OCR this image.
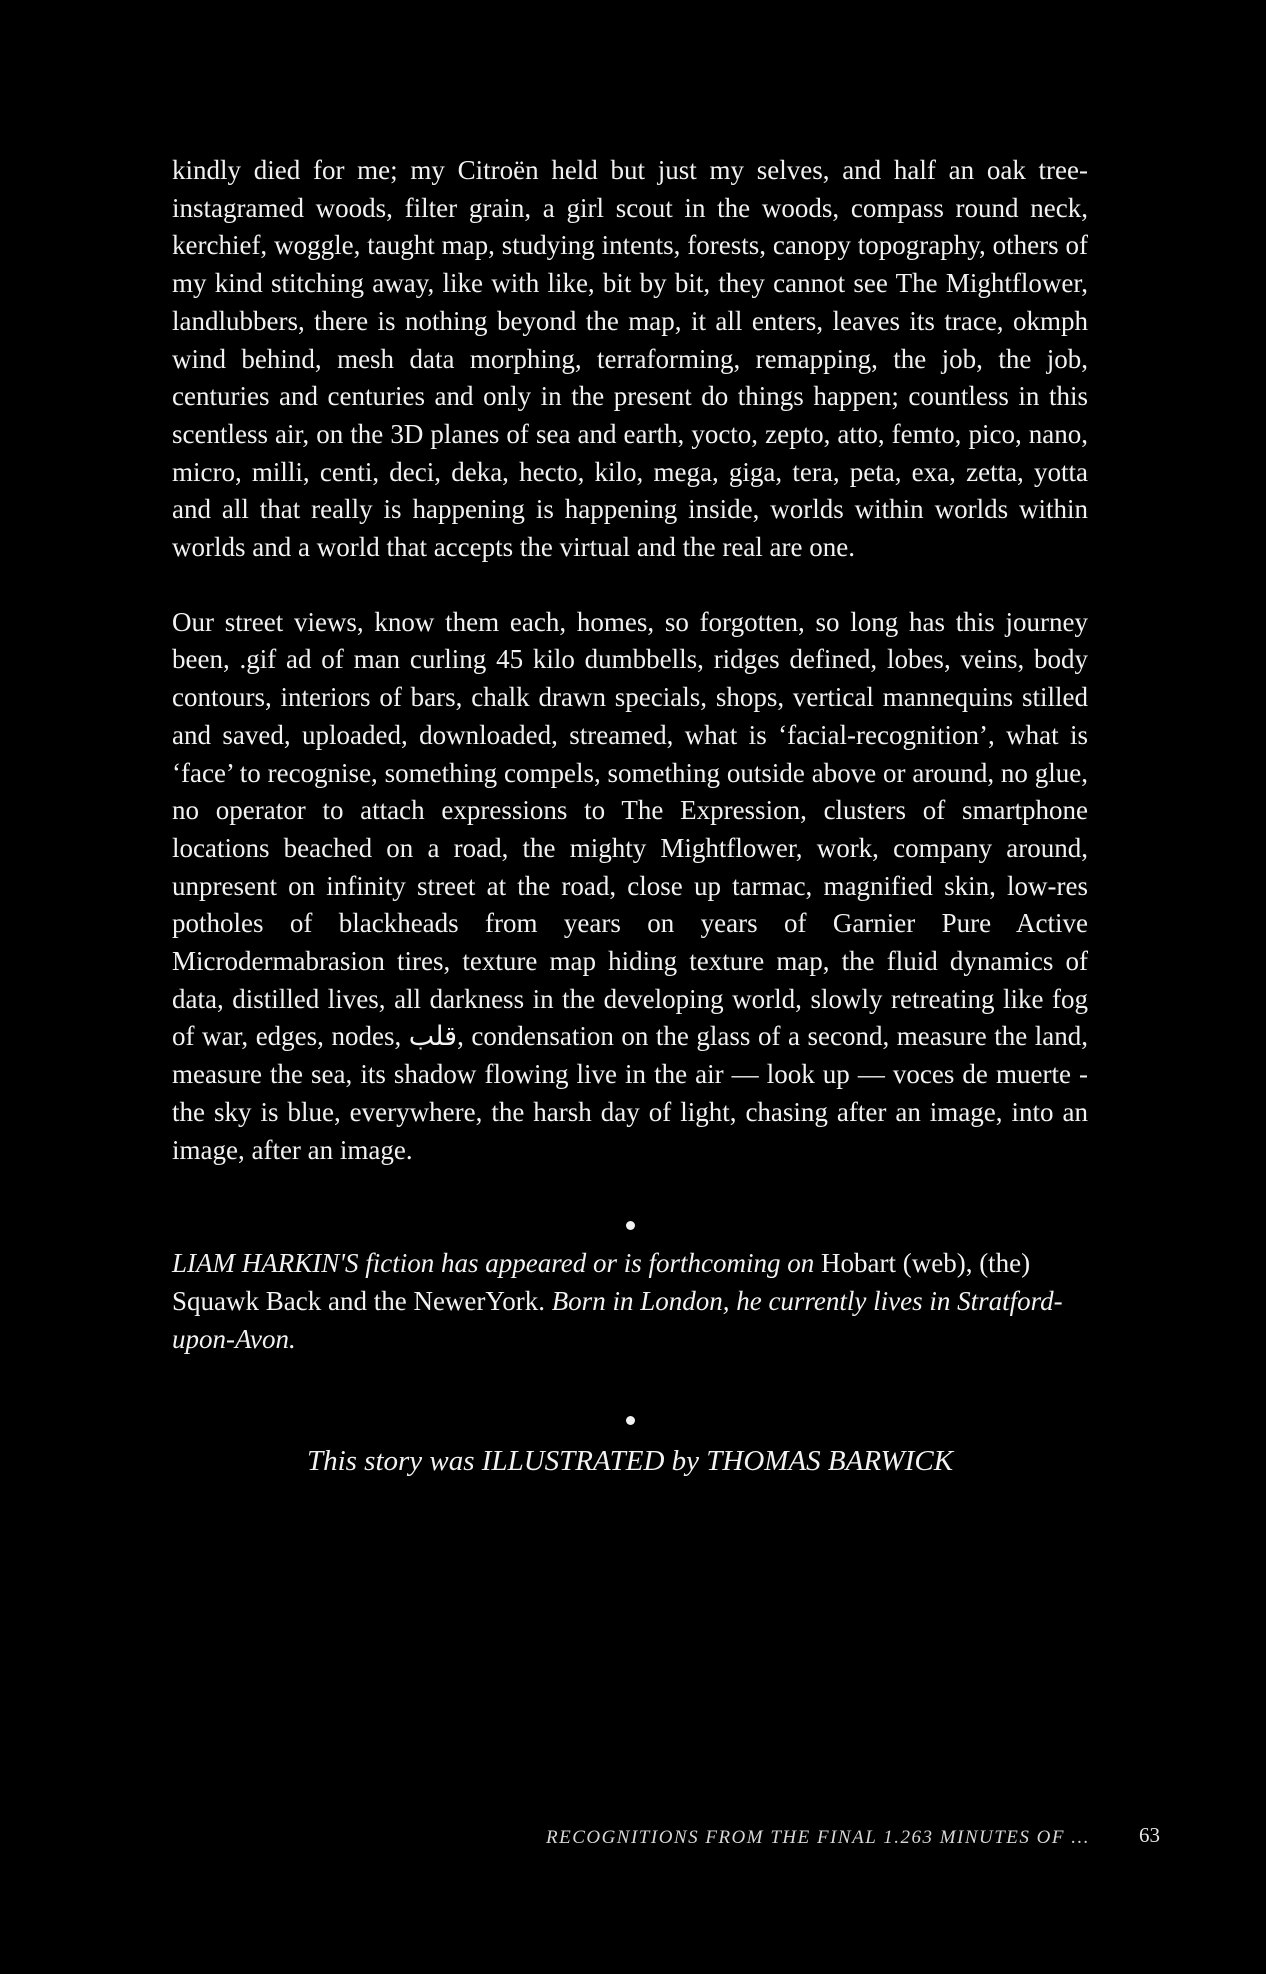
kindly died for me; my Citroën held but just my selves, and half an oak tree-instagramed woods, filter grain, a girl scout in the woods, compass round neck, kerchief, woggle, taught map, studying intents, forests, canopy topography, others of my kind stitching away, like with like, bit by bit, they cannot see The Mightflower, landlubbers, there is nothing beyond the map, it all enters, leaves its trace, okmph wind behind, mesh data morphing, terraforming, remapping, the job, the job, centuries and centuries and only in the present do things happen; countless in this scentless air, on the 3D planes of sea and earth, yocto, zepto, atto, femto, pico, nano, micro, milli, centi, deci, deka, hecto, kilo, mega, giga, tera, peta, exa, zetta, yotta and all that really is happening is happening inside, worlds within worlds within worlds and a world that accepts the virtual and the real are one.

Our street views, know them each, homes, so forgotten, so long has this journey been, .gif ad of man curling 45 kilo dumbbells, ridges defined, lobes, veins, body contours, interiors of bars, chalk drawn specials, shops, vertical mannequins stilled and saved, uploaded, downloaded, streamed, what is ‘facial-recognition’, what is ‘face’ to recognise, something compels, something outside above or around, no glue, no operator to attach expressions to The Expression, clusters of smartphone locations beached on a road, the mighty Mightflower, work, company around, unpresent on infinity street at the road, close up tarmac, magnified skin, low-res potholes of blackheads from years on years of Garnier Pure Active Microdermabrasion tires, texture map hiding texture map, the fluid dynamics of data, distilled lives, all darkness in the developing world, slowly retreating like fog of war, edges, nodes, قلب, condensation on the glass of a second, measure the land, measure the sea, its shadow flowing live in the air — look up — voces de muerte - the sky is blue, everywhere, the harsh day of light, chasing after an image, into an image, after an image.

LIAM HARKIN'S fiction has appeared or is forthcoming on Hobart (web), (the) Squawk Back and the NewerYork. Born in London, he currently lives in Stratford-upon-Avon.

This story was ILLUSTRATED by THOMAS BARWICK

RECOGNITIONS FROM THE FINAL 1.263 MINUTES OF ... 63
